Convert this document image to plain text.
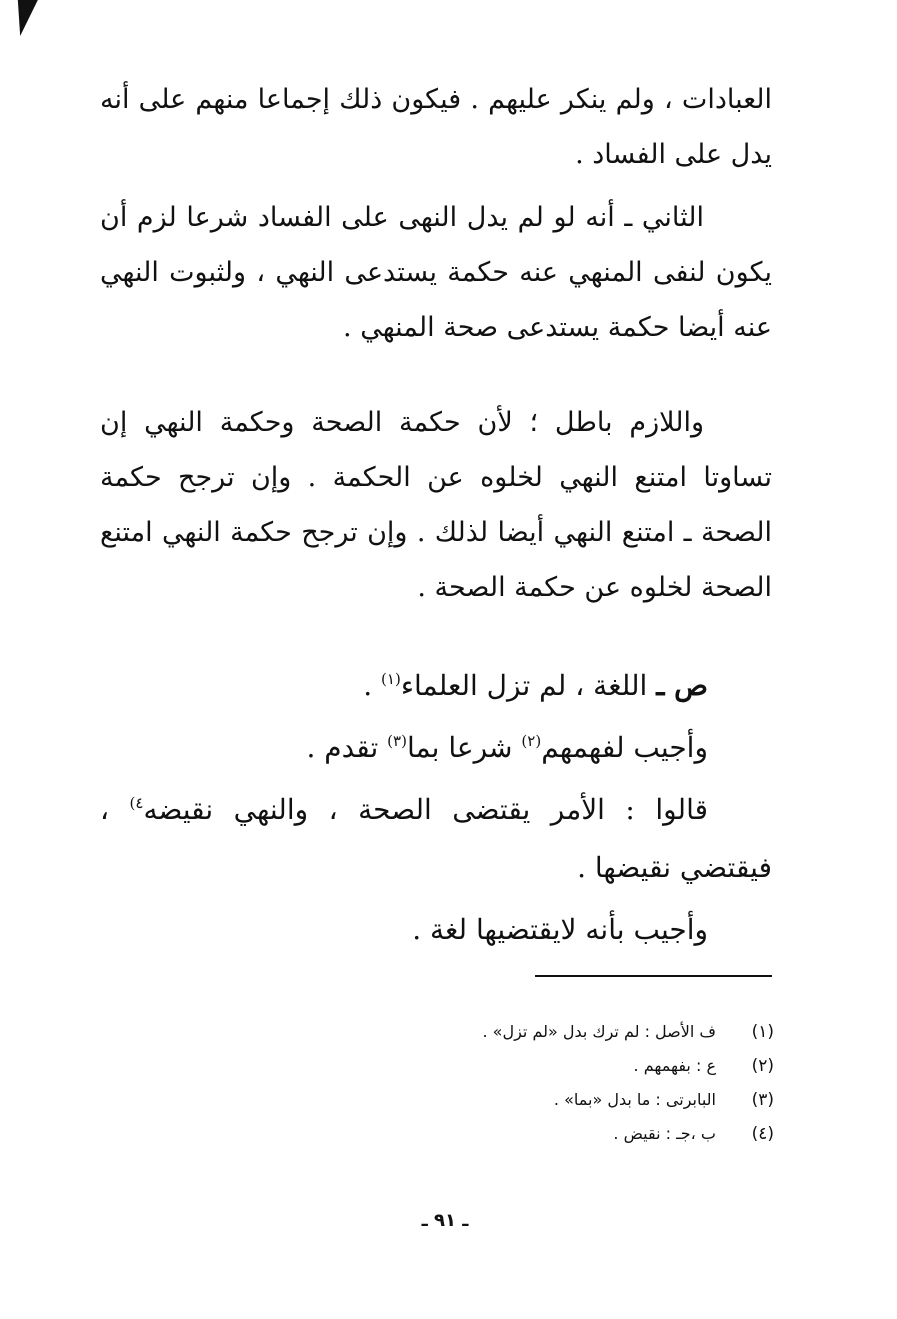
العبادات ، ولم ينكر عليهم . فيكون ذلك إجماعا منهم على أنه يدل على الفساد .

الثاني ـ أنه لو لم يدل النهى على الفساد شرعا لزم أن يكون لنفى المنهي عنه حكمة يستدعى النهي ، ولثبوت النهي عنه أيضا حكمة يستدعى صحة المنهي .

واللازم باطل ؛ لأن حكمة الصحة وحكمة النهي إن تساوتا امتنع النهي لخلوه عن الحكمة . وإن ترجح حكمة الصحة ـ امتنع النهي أيضا لذلك . وإن ترجح حكمة النهي امتنع الصحة لخلوه عن حكمة الصحة .

ص ـ اللغة ، لم تزل العلماء$^{(١)}$ .

وأجيب لفهمهم$^{(٢)}$ شرعا بما$^{(٣)}$ تقدم .

قالوا : الأمر يقتضى الصحة ، والنهي نقيضه$^{٤)}$ ، فيقتضي نقيضها .

وأجيب بأنه لايقتضيها لغة .

(١)
ف الأصل : لم ترك بدل «لم تزل» .
(٢)
ع : بفهمهم .
(٣)
البابرتى : ما بدل «بما» .
(٤)
ب ،جـ : نقيض .
ـ ٩١ ـ
